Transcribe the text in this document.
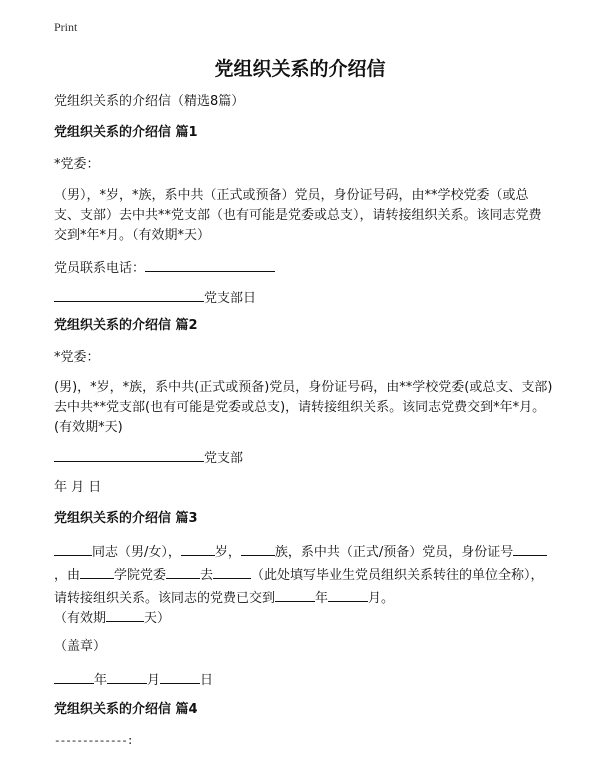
Print
党组织关系的介绍信
党组织关系的介绍信（精选8篇）
党组织关系的介绍信 篇1
*党委：
（男），*岁，*族，系中共（正式或预备）党员，身份证号码，由**学校党委（或总支、支部）去中共**党支部（也有可能是党委或总支），请转接组织关系。该同志党费交到*年*月。（有效期*天）
党员联系电话：
党支部日
党组织关系的介绍信 篇2
*党委：
(男)，*岁，*族，系中共(正式或预备)党员，身份证号码，由**学校党委(或总支、支部)去中共**党支部(也有可能是党委或总支)，请转接组织关系。该同志党费交到*年*月。(有效期*天)
党支部
年 月 日
党组织关系的介绍信 篇3
同志（男/女），	岁，	族，系中共（正式/预备）党员，身份证号，由	学院党委	去	（此处填写毕业生党员组织关系转往的单位全称），请转接组织关系。该同志的党费已交到	年	月。
（有效期	天）
（盖章）
年	月	日
党组织关系的介绍信 篇4
-------------:
